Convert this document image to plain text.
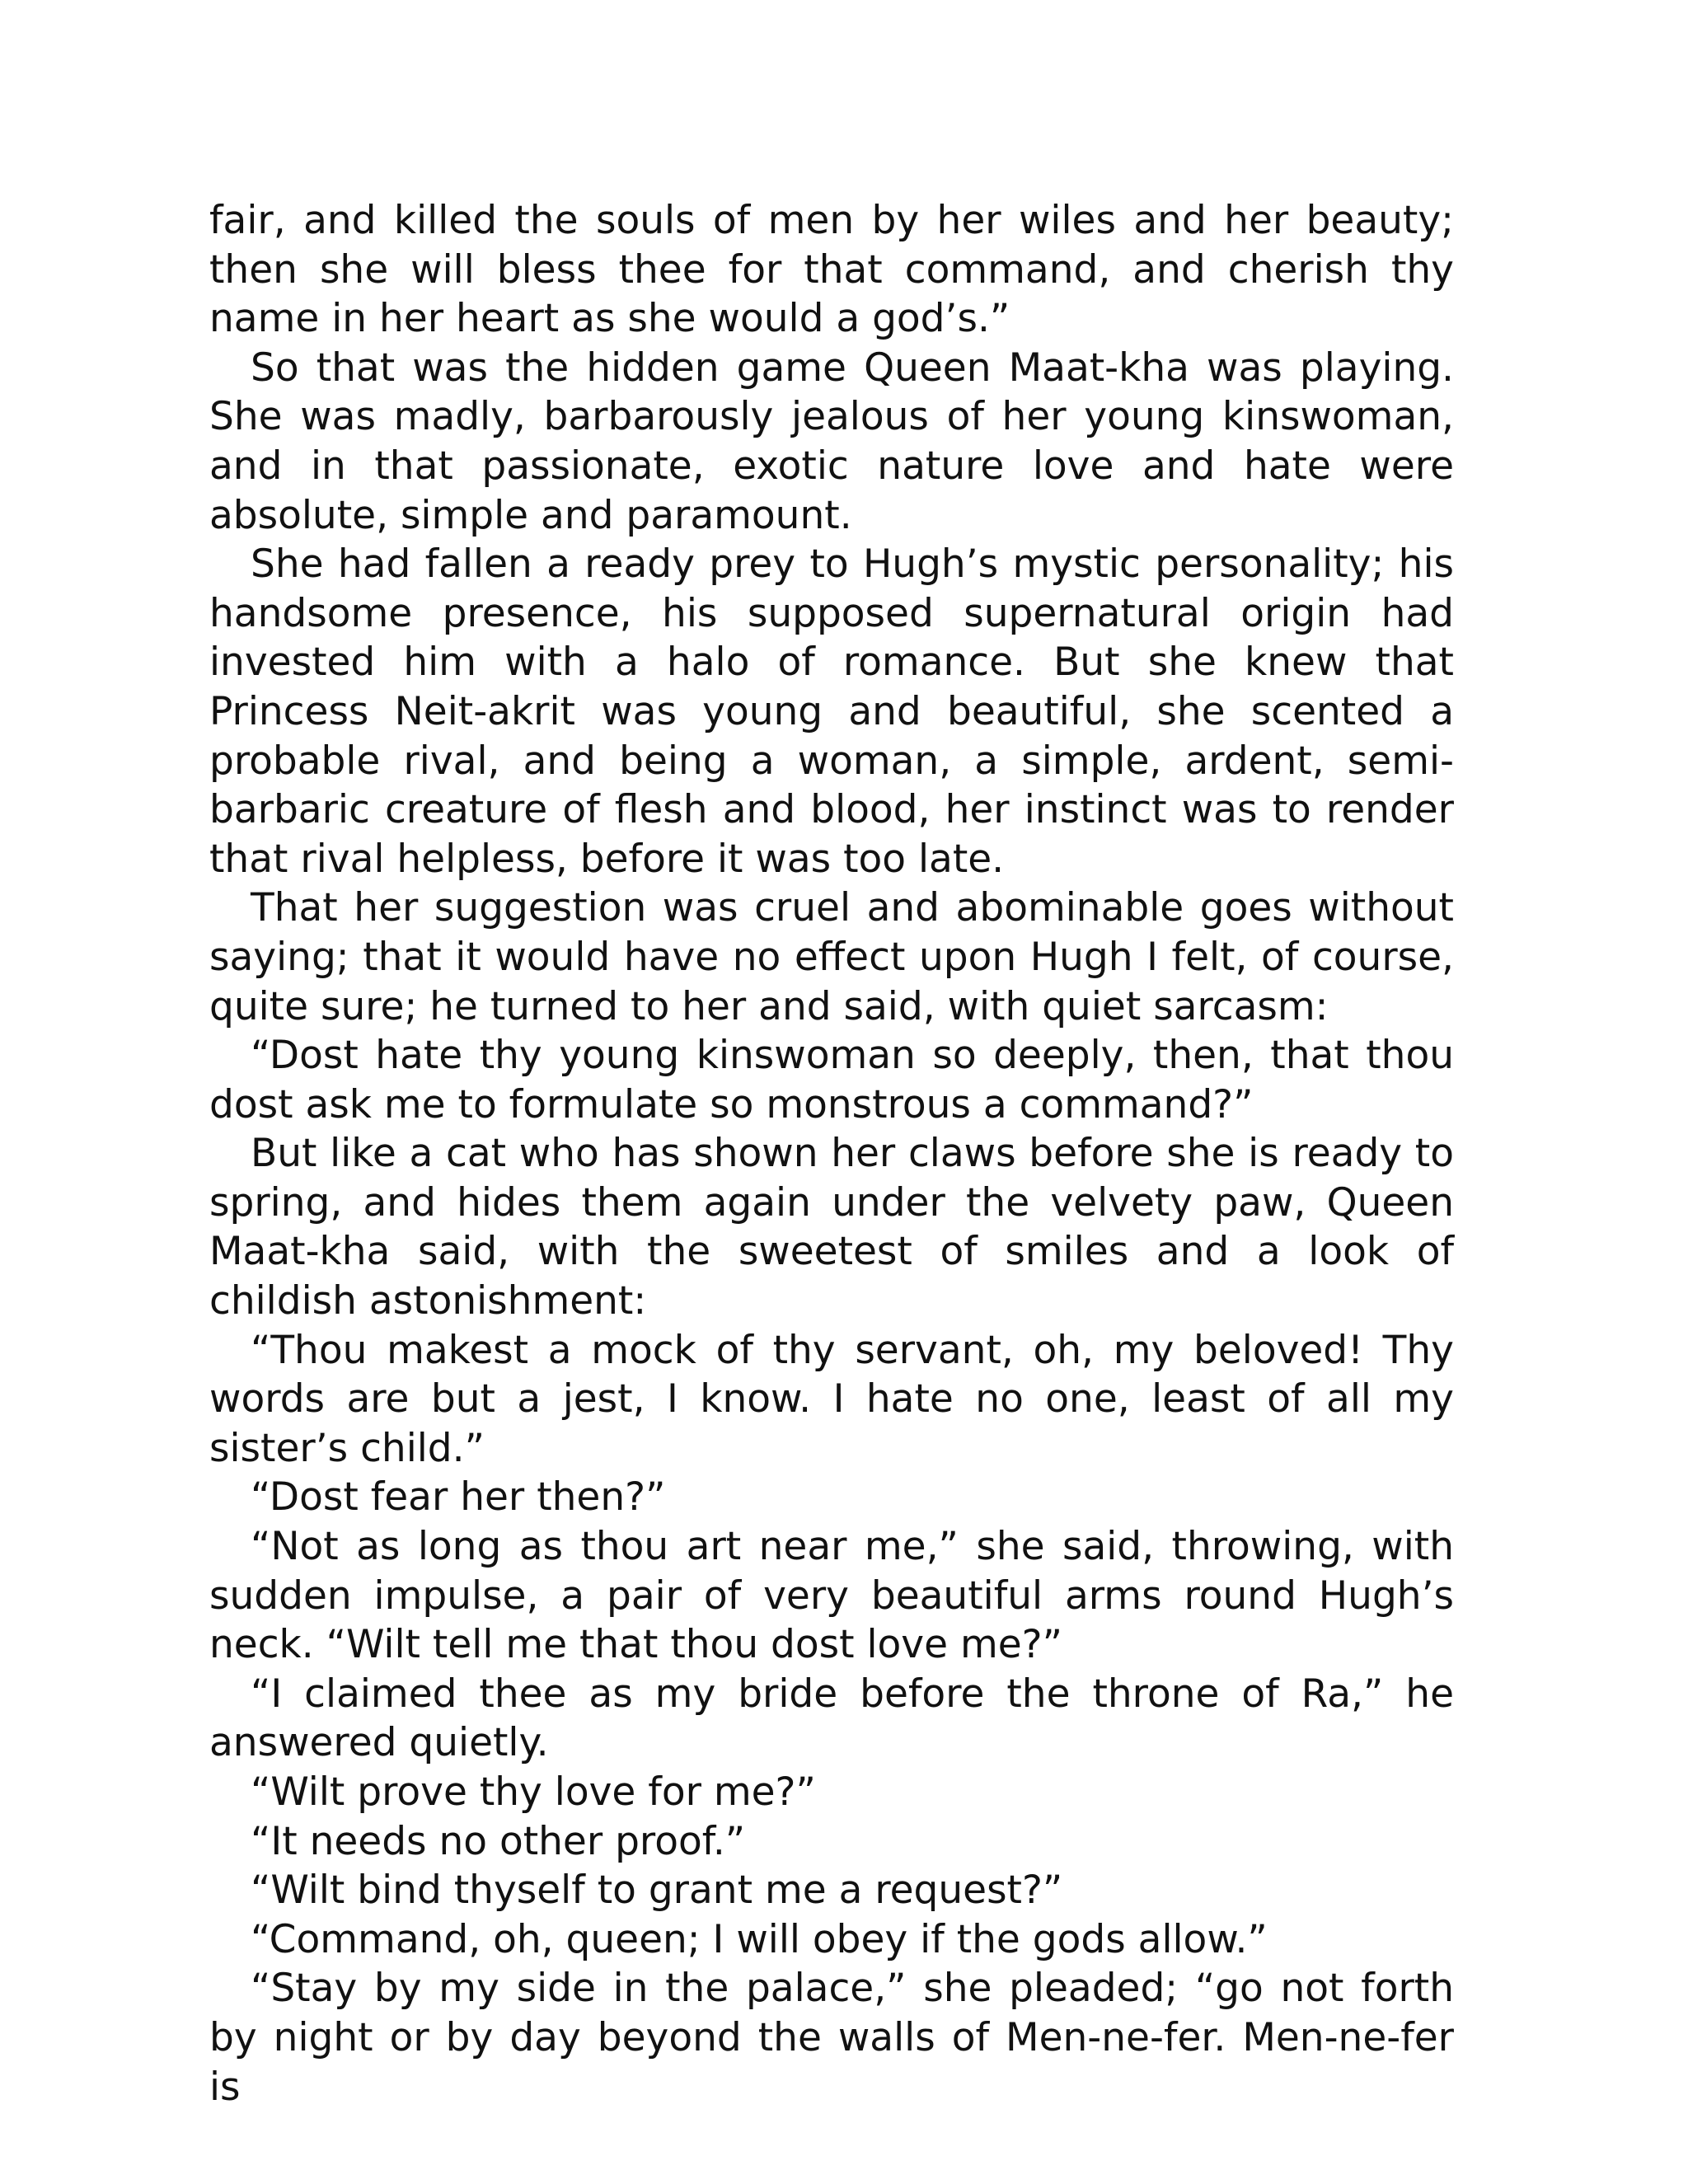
fair, and killed the souls of men by her wiles and her beauty; then she will bless thee for that command, and cherish thy name in her heart as she would a god’s.”

So that was the hidden game Queen Maat-kha was playing. She was madly, barbarously jealous of her young kinswoman, and in that passionate, exotic nature love and hate were absolute, simple and paramount.

She had fallen a ready prey to Hugh’s mystic personality; his handsome presence, his supposed supernatural origin had invested him with a halo of romance. But she knew that Princess Neit-akrit was young and beautiful, she scented a probable rival, and being a woman, a simple, ardent, semi-barbaric creature of flesh and blood, her instinct was to render that rival helpless, before it was too late.

That her suggestion was cruel and abominable goes without saying; that it would have no effect upon Hugh I felt, of course, quite sure; he turned to her and said, with quiet sarcasm:

“Dost hate thy young kinswoman so deeply, then, that thou dost ask me to formulate so monstrous a command?”

But like a cat who has shown her claws before she is ready to spring, and hides them again under the velvety paw, Queen Maat-kha said, with the sweetest of smiles and a look of childish astonishment:

“Thou makest a mock of thy servant, oh, my beloved! Thy words are but a jest, I know. I hate no one, least of all my sister’s child.”

“Dost fear her then?”

“Not as long as thou art near me,” she said, throwing, with sudden impulse, a pair of very beautiful arms round Hugh’s neck. “Wilt tell me that thou dost love me?”

“I claimed thee as my bride before the throne of Ra,” he answered quietly.

“Wilt prove thy love for me?”

“It needs no other proof.”

“Wilt bind thyself to grant me a request?”

“Command, oh, queen; I will obey if the gods allow.”

“Stay by my side in the palace,” she pleaded; “go not forth by night or by day beyond the walls of Men-ne-fer. Men-ne-fer is
